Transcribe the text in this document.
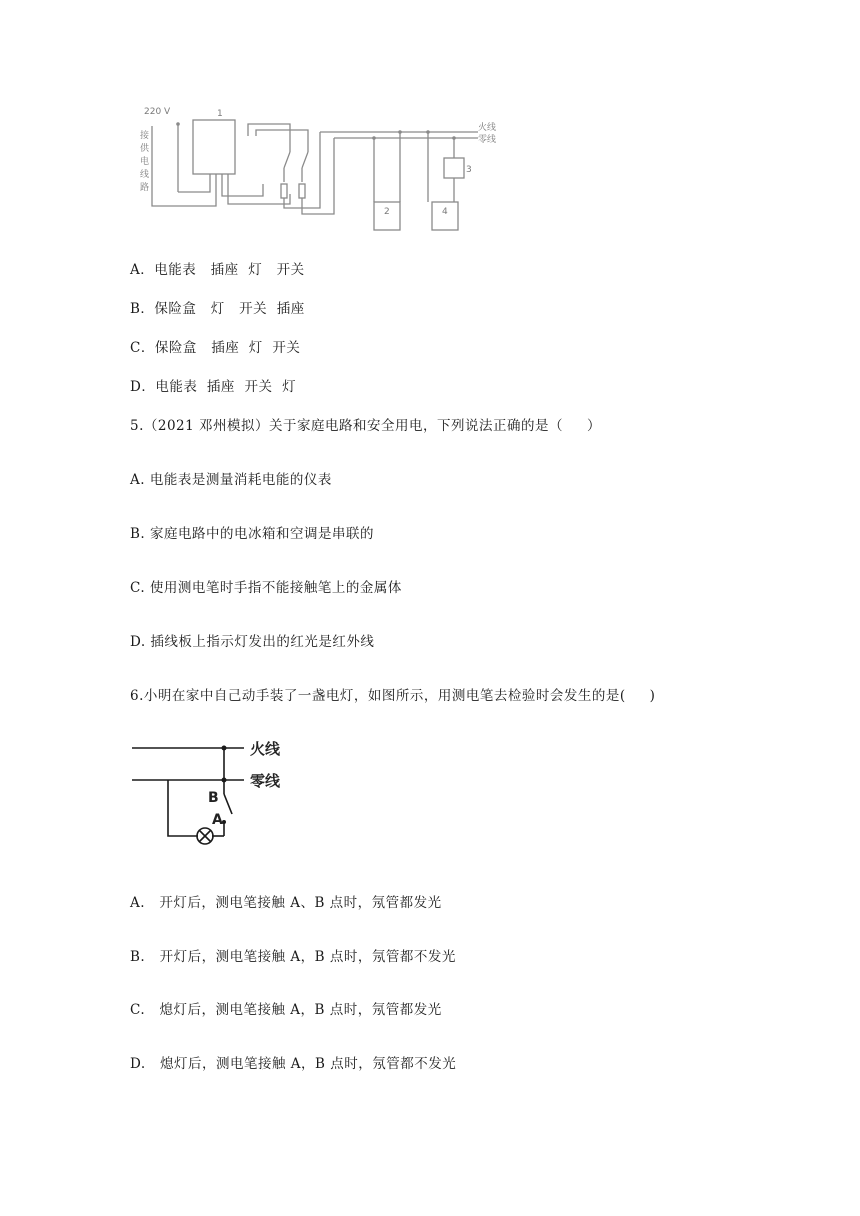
220 V
接
供
电
线
路
1
火线
零线
2
3
4
A．电能表   插座  灯   开关
B．保险盒   灯   开关  插座
C．保险盒   插座  灯  开关
D．电能表  插座  开关  灯
5.（2021 邓州模拟）关于家庭电路和安全用电，下列说法正确的是（     ）
A. 电能表是测量消耗电能的仪表
B. 家庭电路中的电冰箱和空调是串联的
C. 使用测电笔时手指不能接触笔上的金属体
D. 插线板上指示灯发出的红光是红外线
6.小明在家中自己动手装了一盏电灯，如图所示，用测电笔去检验时会发生的是(     )
火线
零线
B
A
A.   开灯后，测电笔接触 A、B 点时，氖管都发光
B.   开灯后，测电笔接触 A，B 点时，氖管都不发光
C.   熄灯后，测电笔接触 A，B 点时，氖管都发光
D.   熄灯后，测电笔接触 A，B 点时，氖管都不发光
